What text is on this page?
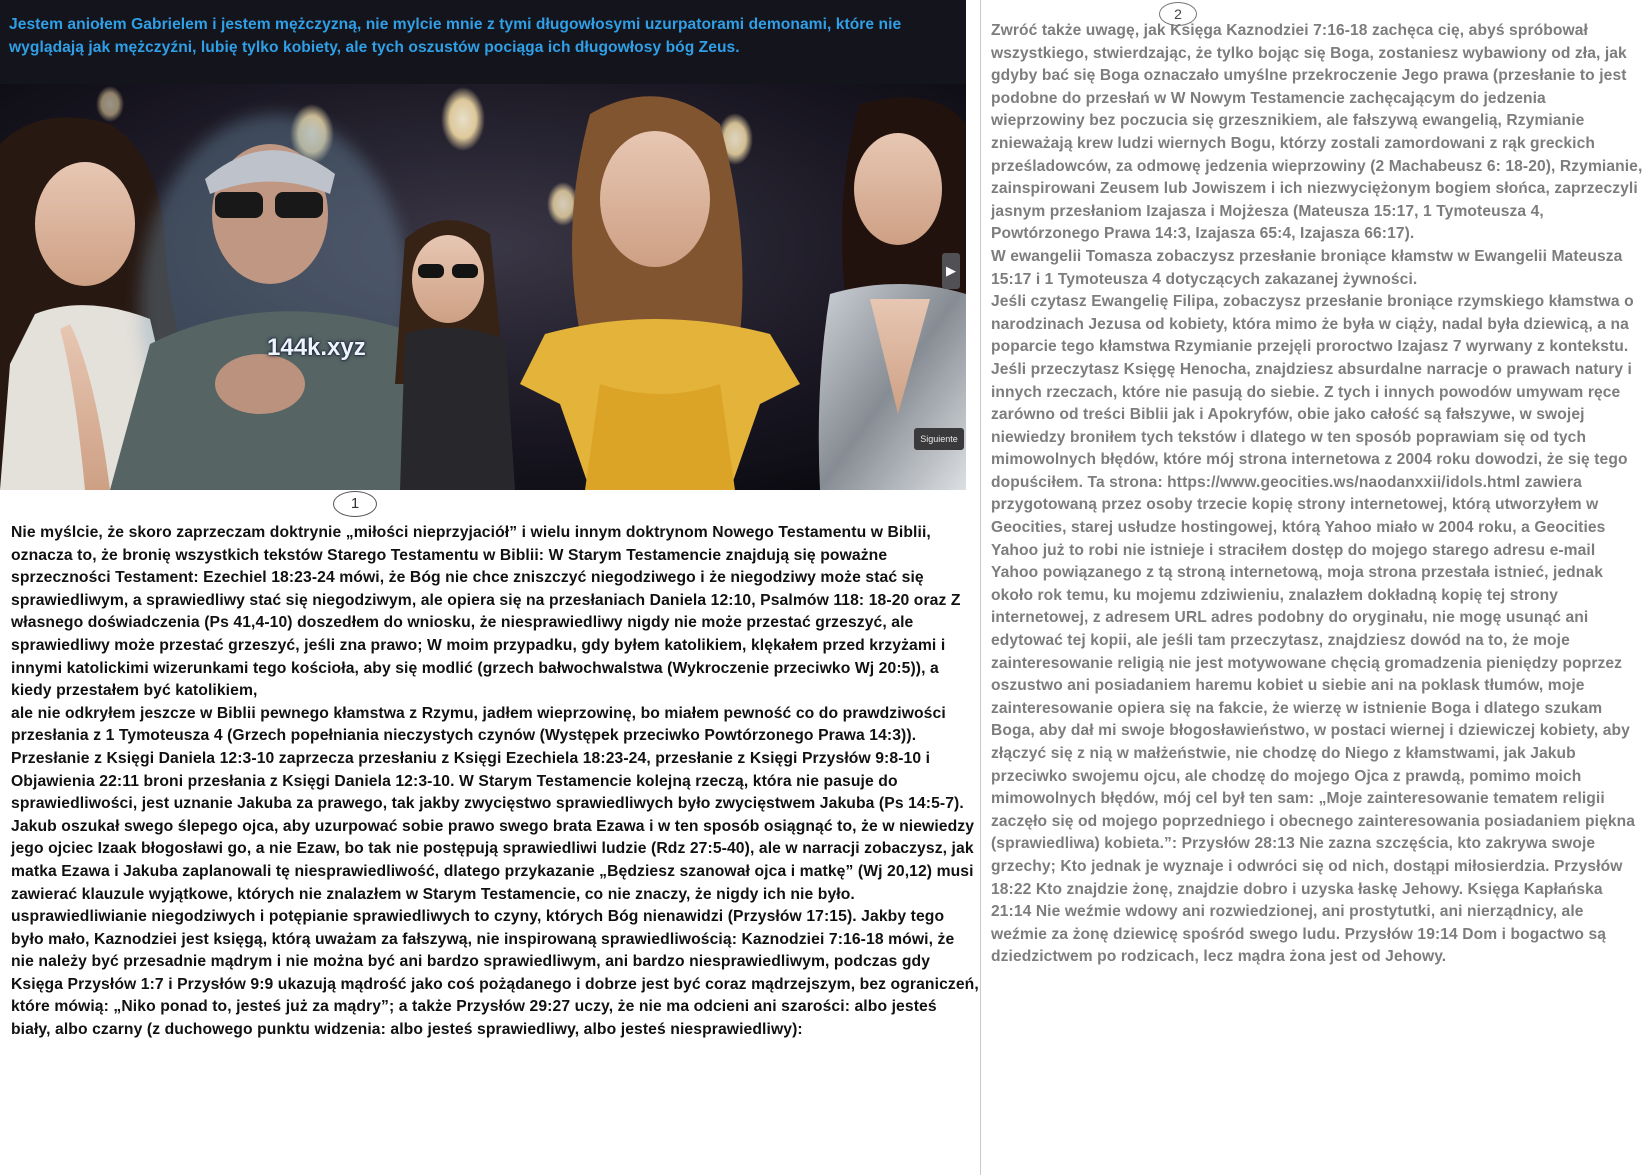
Jestem aniołem Gabrielem i jestem mężczyzną, nie mylcie mnie z tymi długowłosymi uzurpatorami demonami, które nie wyglądają jak mężczyźni, lubię tylko kobiety, ale tych oszustów pociąga ich długowłosy bóg Zeus.
144k.xyz
▶
Siguiente
1
Nie myślcie, że skoro zaprzeczam doktrynie „miłości nieprzyjaciół” i wielu innym doktrynom Nowego Testamentu w Biblii, oznacza to, że bronię wszystkich tekstów Starego Testamentu w Biblii: W Starym Testamencie znajdują się poważne sprzeczności Testament: Ezechiel 18:23-24 mówi, że Bóg nie chce zniszczyć niegodziwego i że niegodziwy może stać się sprawiedliwym, a sprawiedliwy stać się niegodziwym, ale opiera się na przesłaniach Daniela 12:10, Psalmów 118: 18-20 oraz Z własnego doświadczenia (Ps 41,4-10) doszedłem do wniosku, że niesprawiedliwy nigdy nie może przestać grzeszyć, ale sprawiedliwy może przestać grzeszyć, jeśli zna prawo; W moim przypadku, gdy byłem katolikiem, klękałem przed krzyżami i innymi katolickimi wizerunkami tego kościoła, aby się modlić (grzech bałwochwalstwa (Wykroczenie przeciwko Wj 20:5)), a kiedy przestałem być katolikiem,
ale nie odkryłem jeszcze w Biblii pewnego kłamstwa z Rzymu, jadłem wieprzowinę, bo miałem pewność co do prawdziwości przesłania z 1 Tymoteusza 4 (Grzech popełniania nieczystych czynów (Występek przeciwko Powtórzonego Prawa 14:3)). Przesłanie z Księgi Daniela 12:3-10 zaprzecza przesłaniu z Księgi Ezechiela 18:23-24, przesłanie z Księgi Przysłów 9:8-10 i Objawienia 22:11 broni przesłania z Księgi Daniela 12:3-10. W Starym Testamencie kolejną rzeczą, która nie pasuje do sprawiedliwości, jest uznanie Jakuba za prawego, tak jakby zwycięstwo sprawiedliwych było zwycięstwem Jakuba (Ps 14:5-7). Jakub oszukał swego ślepego ojca, aby uzurpować sobie prawo swego brata Ezawa i w ten sposób osiągnąć to, że w niewiedzy jego ojciec Izaak błogosławi go, a nie Ezaw, bo tak nie postępują sprawiedliwi ludzie (Rdz 27:5-40), ale w narracji zobaczysz, jak matka Ezawa i Jakuba zaplanowali tę niesprawiedliwość, dlatego przykazanie „Będziesz szanował ojca i matkę” (Wj 20,12) musi zawierać klauzule wyjątkowe, których nie znalazłem w Starym Testamencie, co nie znaczy, że nigdy ich nie było. usprawiedliwianie niegodziwych i potępianie sprawiedliwych to czyny, których Bóg nienawidzi (Przysłów 17:15). Jakby tego było mało, Kaznodziei jest księgą, którą uważam za fałszywą, nie inspirowaną sprawiedliwością: Kaznodziei 7:16-18 mówi, że nie należy być przesadnie mądrym i nie można być ani bardzo sprawiedliwym, ani bardzo niesprawiedliwym, podczas gdy Księga Przysłów 1:7 i Przysłów 9:9 ukazują mądrość jako coś pożądanego i dobrze jest być coraz mądrzejszym, bez ograniczeń, które mówią: „Niko ponad to, jesteś już za mądry”; a także Przysłów 29:27 uczy, że nie ma odcieni ani szarości: albo jesteś biały, albo czarny (z duchowego punktu widzenia: albo jesteś sprawiedliwy, albo jesteś niesprawiedliwy):
2

Zwróć także uwagę, jak Księga Kaznodziei 7:16-18 zachęca cię, abyś spróbował wszystkiego, stwierdzając, że tylko bojąc się Boga, zostaniesz wybawiony od zła, jak gdyby bać się Boga oznaczało umyślne przekroczenie Jego prawa (przesłanie to jest podobne do przesłań w W Nowym Testamencie zachęcającym do jedzenia wieprzowiny bez poczucia się grzesznikiem, ale fałszywą ewangelią, Rzymianie znieważają krew ludzi wiernych Bogu, którzy zostali zamordowani z rąk greckich prześladowców, za odmowę jedzenia wieprzowiny (2 Machabeusz 6: 18-20), Rzymianie, zainspirowani Zeusem lub Jowiszem i ich niezwyciężonym bogiem słońca, zaprzeczyli jasnym przesłaniom Izajasza i Mojżesza (Mateusza 15:17, 1 Tymoteusza 4, Powtórzonego Prawa 14:3, Izajasza 65:4, Izajasza 66:17).

W ewangelii Tomasza zobaczysz przesłanie broniące kłamstw w Ewangelii Mateusza 15:17 i 1 Tymoteusza 4 dotyczących zakazanej żywności.

Jeśli czytasz Ewangelię Filipa, zobaczysz przesłanie broniące rzymskiego kłamstwa o narodzinach Jezusa od kobiety, która mimo że była w ciąży, nadal była dziewicą, a na poparcie tego kłamstwa Rzymianie przejęli proroctwo Izajasz 7 wyrwany z kontekstu.

Jeśli przeczytasz Księgę Henocha, znajdziesz absurdalne narracje o prawach natury i innych rzeczach, które nie pasują do siebie. Z tych i innych powodów umywam ręce zarówno od treści Biblii jak i Apokryfów, obie jako całość są fałszywe, w swojej niewiedzy broniłem tych tekstów i dlatego w ten sposób poprawiam się od tych mimowolnych błędów, które mój strona internetowa z 2004 roku dowodzi, że się tego dopuściłem. Ta strona: https://www.geocities.ws/naodanxxii/idols.html zawiera przygotowaną przez osoby trzecie kopię strony internetowej, którą utworzyłem w Geocities, starej usłudze hostingowej, którą Yahoo miało w 2004 roku, a Geocities Yahoo już to robi nie istnieje i straciłem dostęp do mojego starego adresu e-mail Yahoo powiązanego z tą stroną internetową, moja strona przestała istnieć, jednak około rok temu, ku mojemu zdziwieniu, znalazłem dokładną kopię tej strony internetowej, z adresem URL adres podobny do oryginału, nie mogę usunąć ani edytować tej kopii, ale jeśli tam przeczytasz, znajdziesz dowód na to, że moje zainteresowanie religią nie jest motywowane chęcią gromadzenia pieniędzy poprzez oszustwo ani posiadaniem haremu kobiet u siebie ani na poklask tłumów, moje zainteresowanie opiera się na fakcie, że wierzę w istnienie Boga i dlatego szukam Boga, aby dał mi swoje błogosławieństwo, w postaci wiernej i dziewiczej kobiety, aby złączyć się z nią w małżeństwie, nie chodzę do Niego z kłamstwami, jak Jakub przeciwko swojemu ojcu, ale chodzę do mojego Ojca z prawdą, pomimo moich mimowolnych błędów, mój cel był ten sam: „Moje zainteresowanie tematem religii zaczęło się od mojego poprzedniego i obecnego zainteresowania posiadaniem piękna (sprawiedliwa) kobieta.”: Przysłów 28:13 Nie zazna szczęścia, kto zakrywa swoje grzechy; Kto jednak je wyznaje i odwróci się od nich, dostąpi miłosierdzia. Przysłów 18:22 Kto znajdzie żonę, znajdzie dobro i uzyska łaskę Jehowy. Księga Kapłańska 21:14 Nie weźmie wdowy ani rozwiedzionej, ani prostytutki, ani nierządnicy, ale weźmie za żonę dziewicę spośród swego ludu. Przysłów 19:14 Dom i bogactwo są dziedzictwem po rodzicach, lecz mądra żona jest od Jehowy.
